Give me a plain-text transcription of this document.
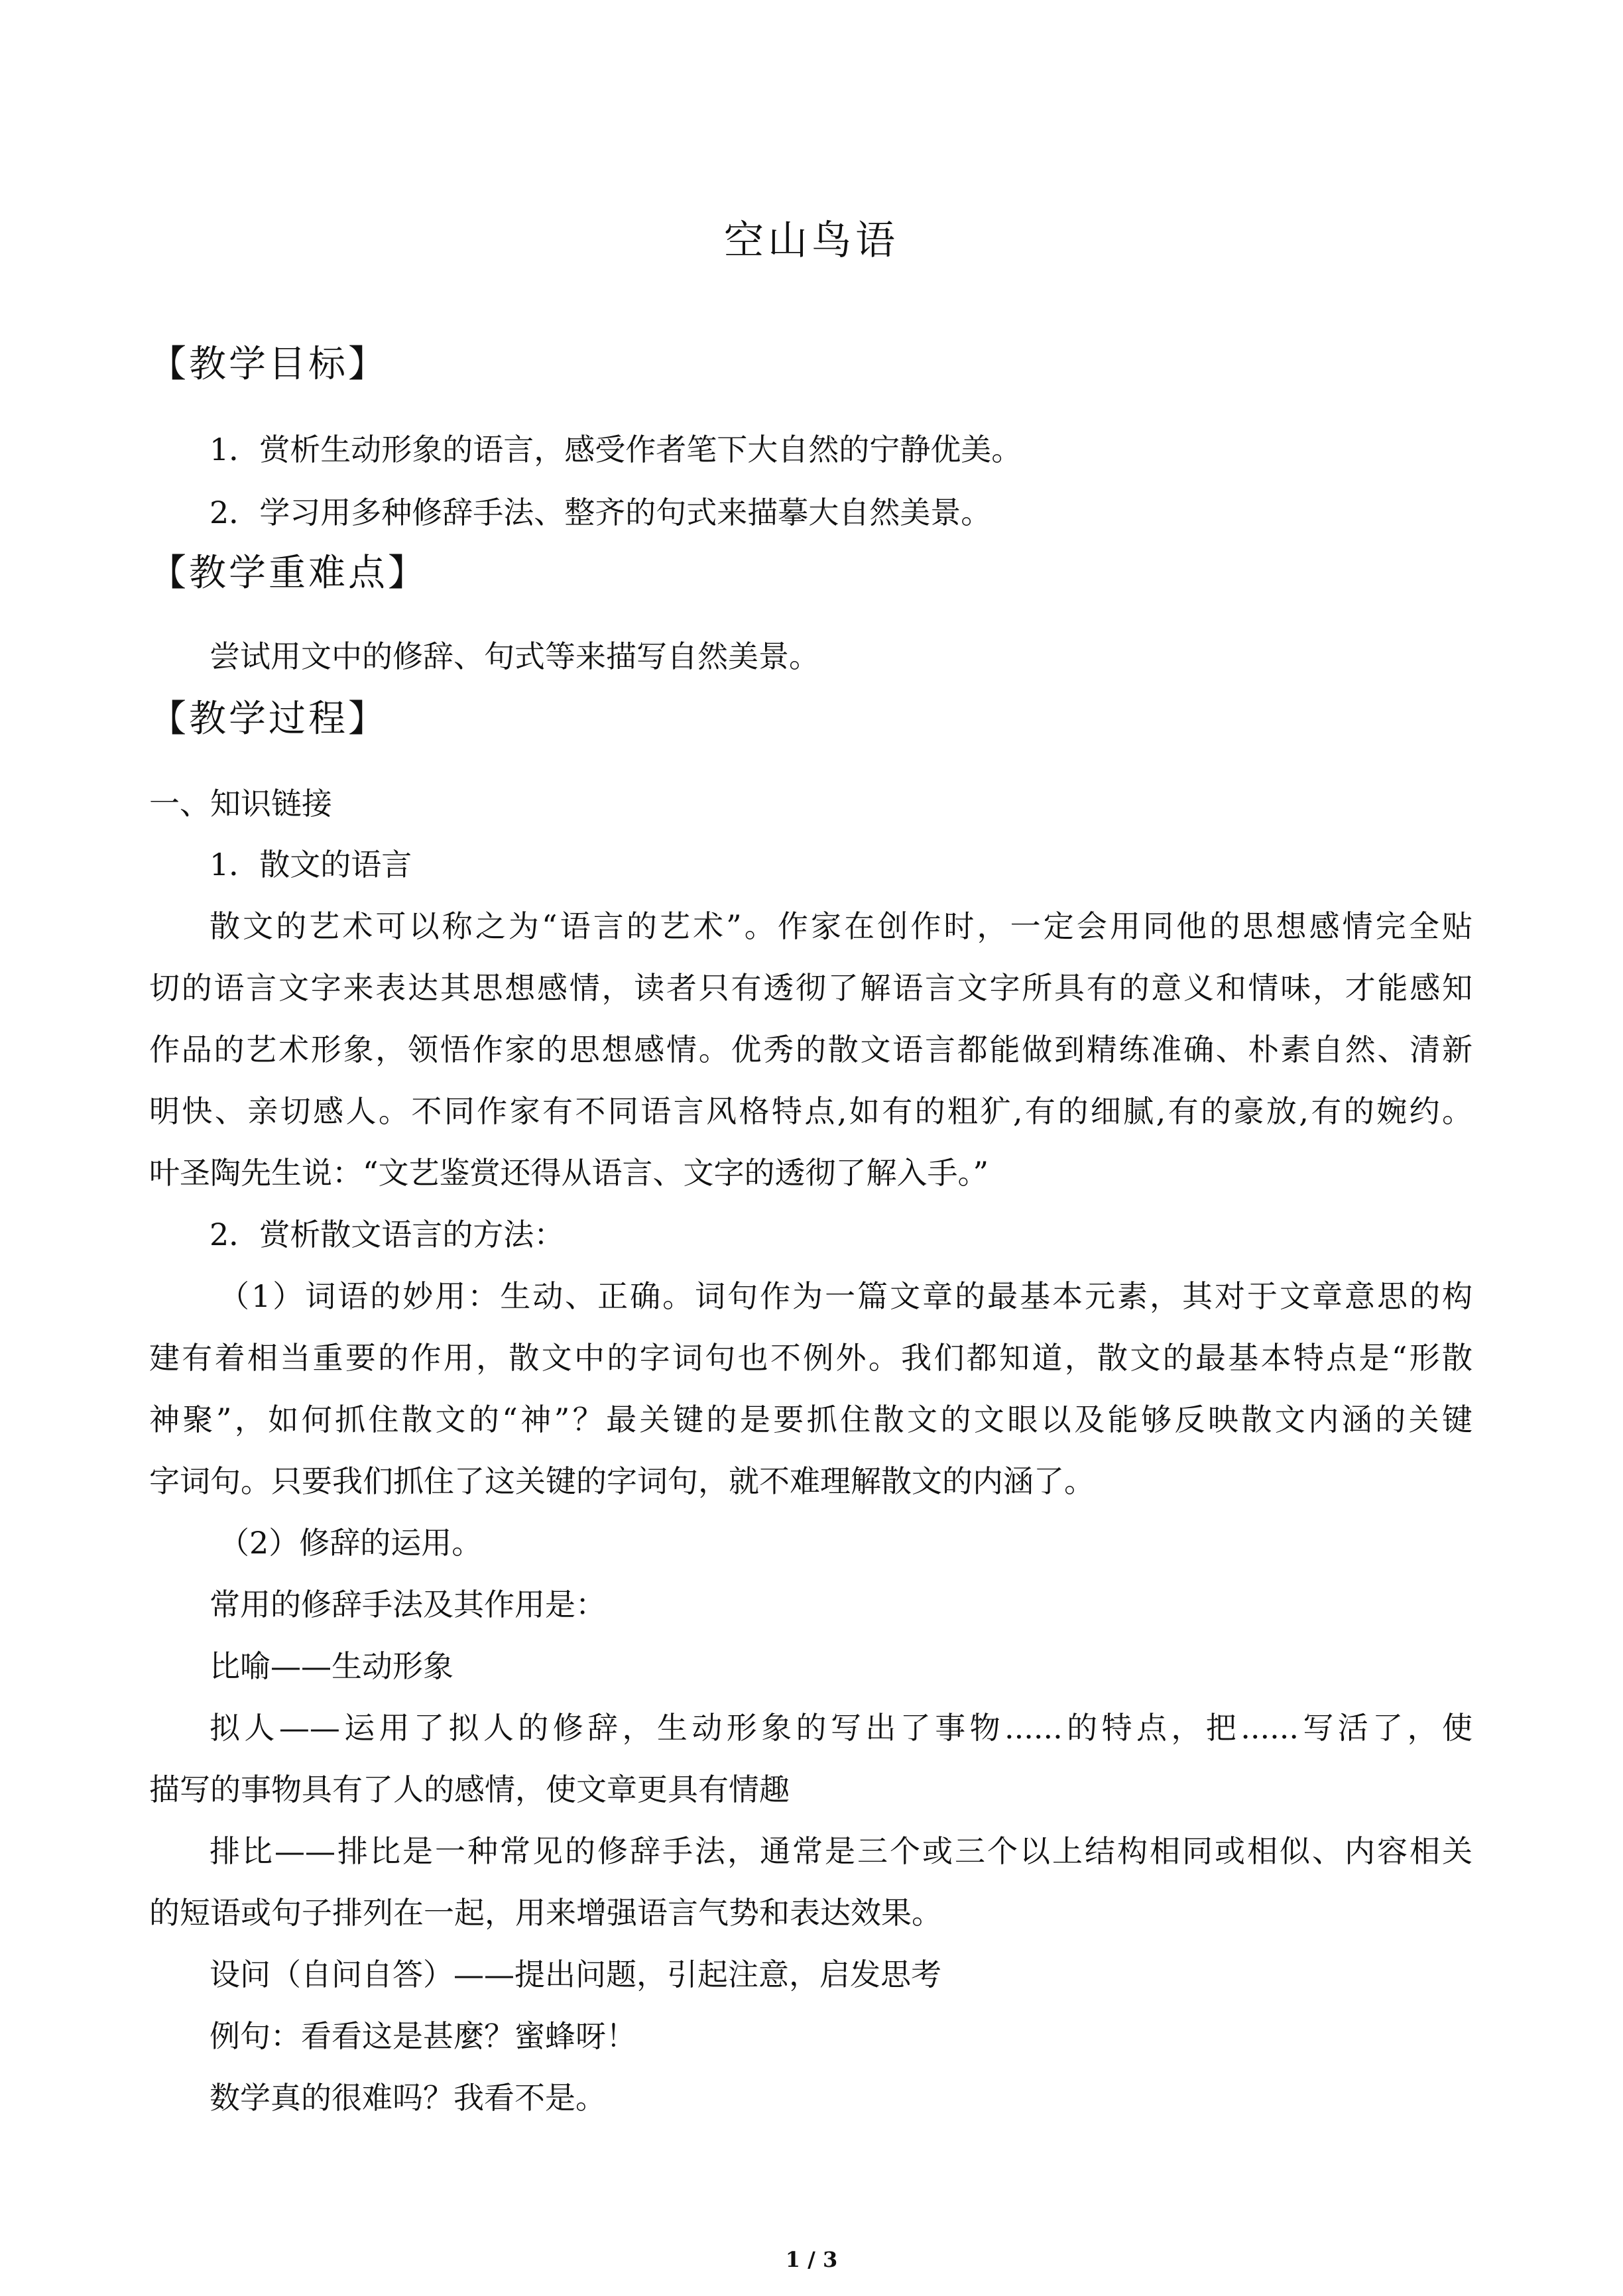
空山鸟语
【教学目标】
1．赏析生动形象的语言，感受作者笔下大自然的宁静优美。
2．学习用多种修辞手法、整齐的句式来描摹大自然美景。
【教学重难点】
尝试用文中的修辞、句式等来描写自然美景。
【教学过程】
一、知识链接
1．散文的语言
散文的艺术可以称之为“语言的艺术”。作家在创作时，一定会用同他的思想感情完全贴
切的语言文字来表达其思想感情，读者只有透彻了解语言文字所具有的意义和情味，才能感知
作品的艺术形象，领悟作家的思想感情。优秀的散文语言都能做到精练准确、朴素自然、清新
明快、亲切感人。不同作家有不同语言风格特点,如有的粗犷,有的细腻,有的豪放,有的婉约。
叶圣陶先生说：“文艺鉴赏还得从语言、文字的透彻了解入手。”
2．赏析散文语言的方法：
（1）词语的妙用：生动、正确。词句作为一篇文章的最基本元素，其对于文章意思的构
建有着相当重要的作用，散文中的字词句也不例外。我们都知道，散文的最基本特点是“形散
神聚”，如何抓住散文的“神”？最关键的是要抓住散文的文眼以及能够反映散文内涵的关键
字词句。只要我们抓住了这关键的字词句，就不难理解散文的内涵了。
（2）修辞的运用。
常用的修辞手法及其作用是：
比喻——生动形象
拟人——运用了拟人的修辞，生动形象的写出了事物......的特点，把......写活了，使
描写的事物具有了人的感情，使文章更具有情趣
排比——排比是一种常见的修辞手法，通常是三个或三个以上结构相同或相似、内容相关
的短语或句子排列在一起，用来增强语言气势和表达效果。
设问（自问自答）——提出问题，引起注意，启发思考
例句：看看这是甚麼？蜜蜂呀！
数学真的很难吗？我看不是。
1 / 3
